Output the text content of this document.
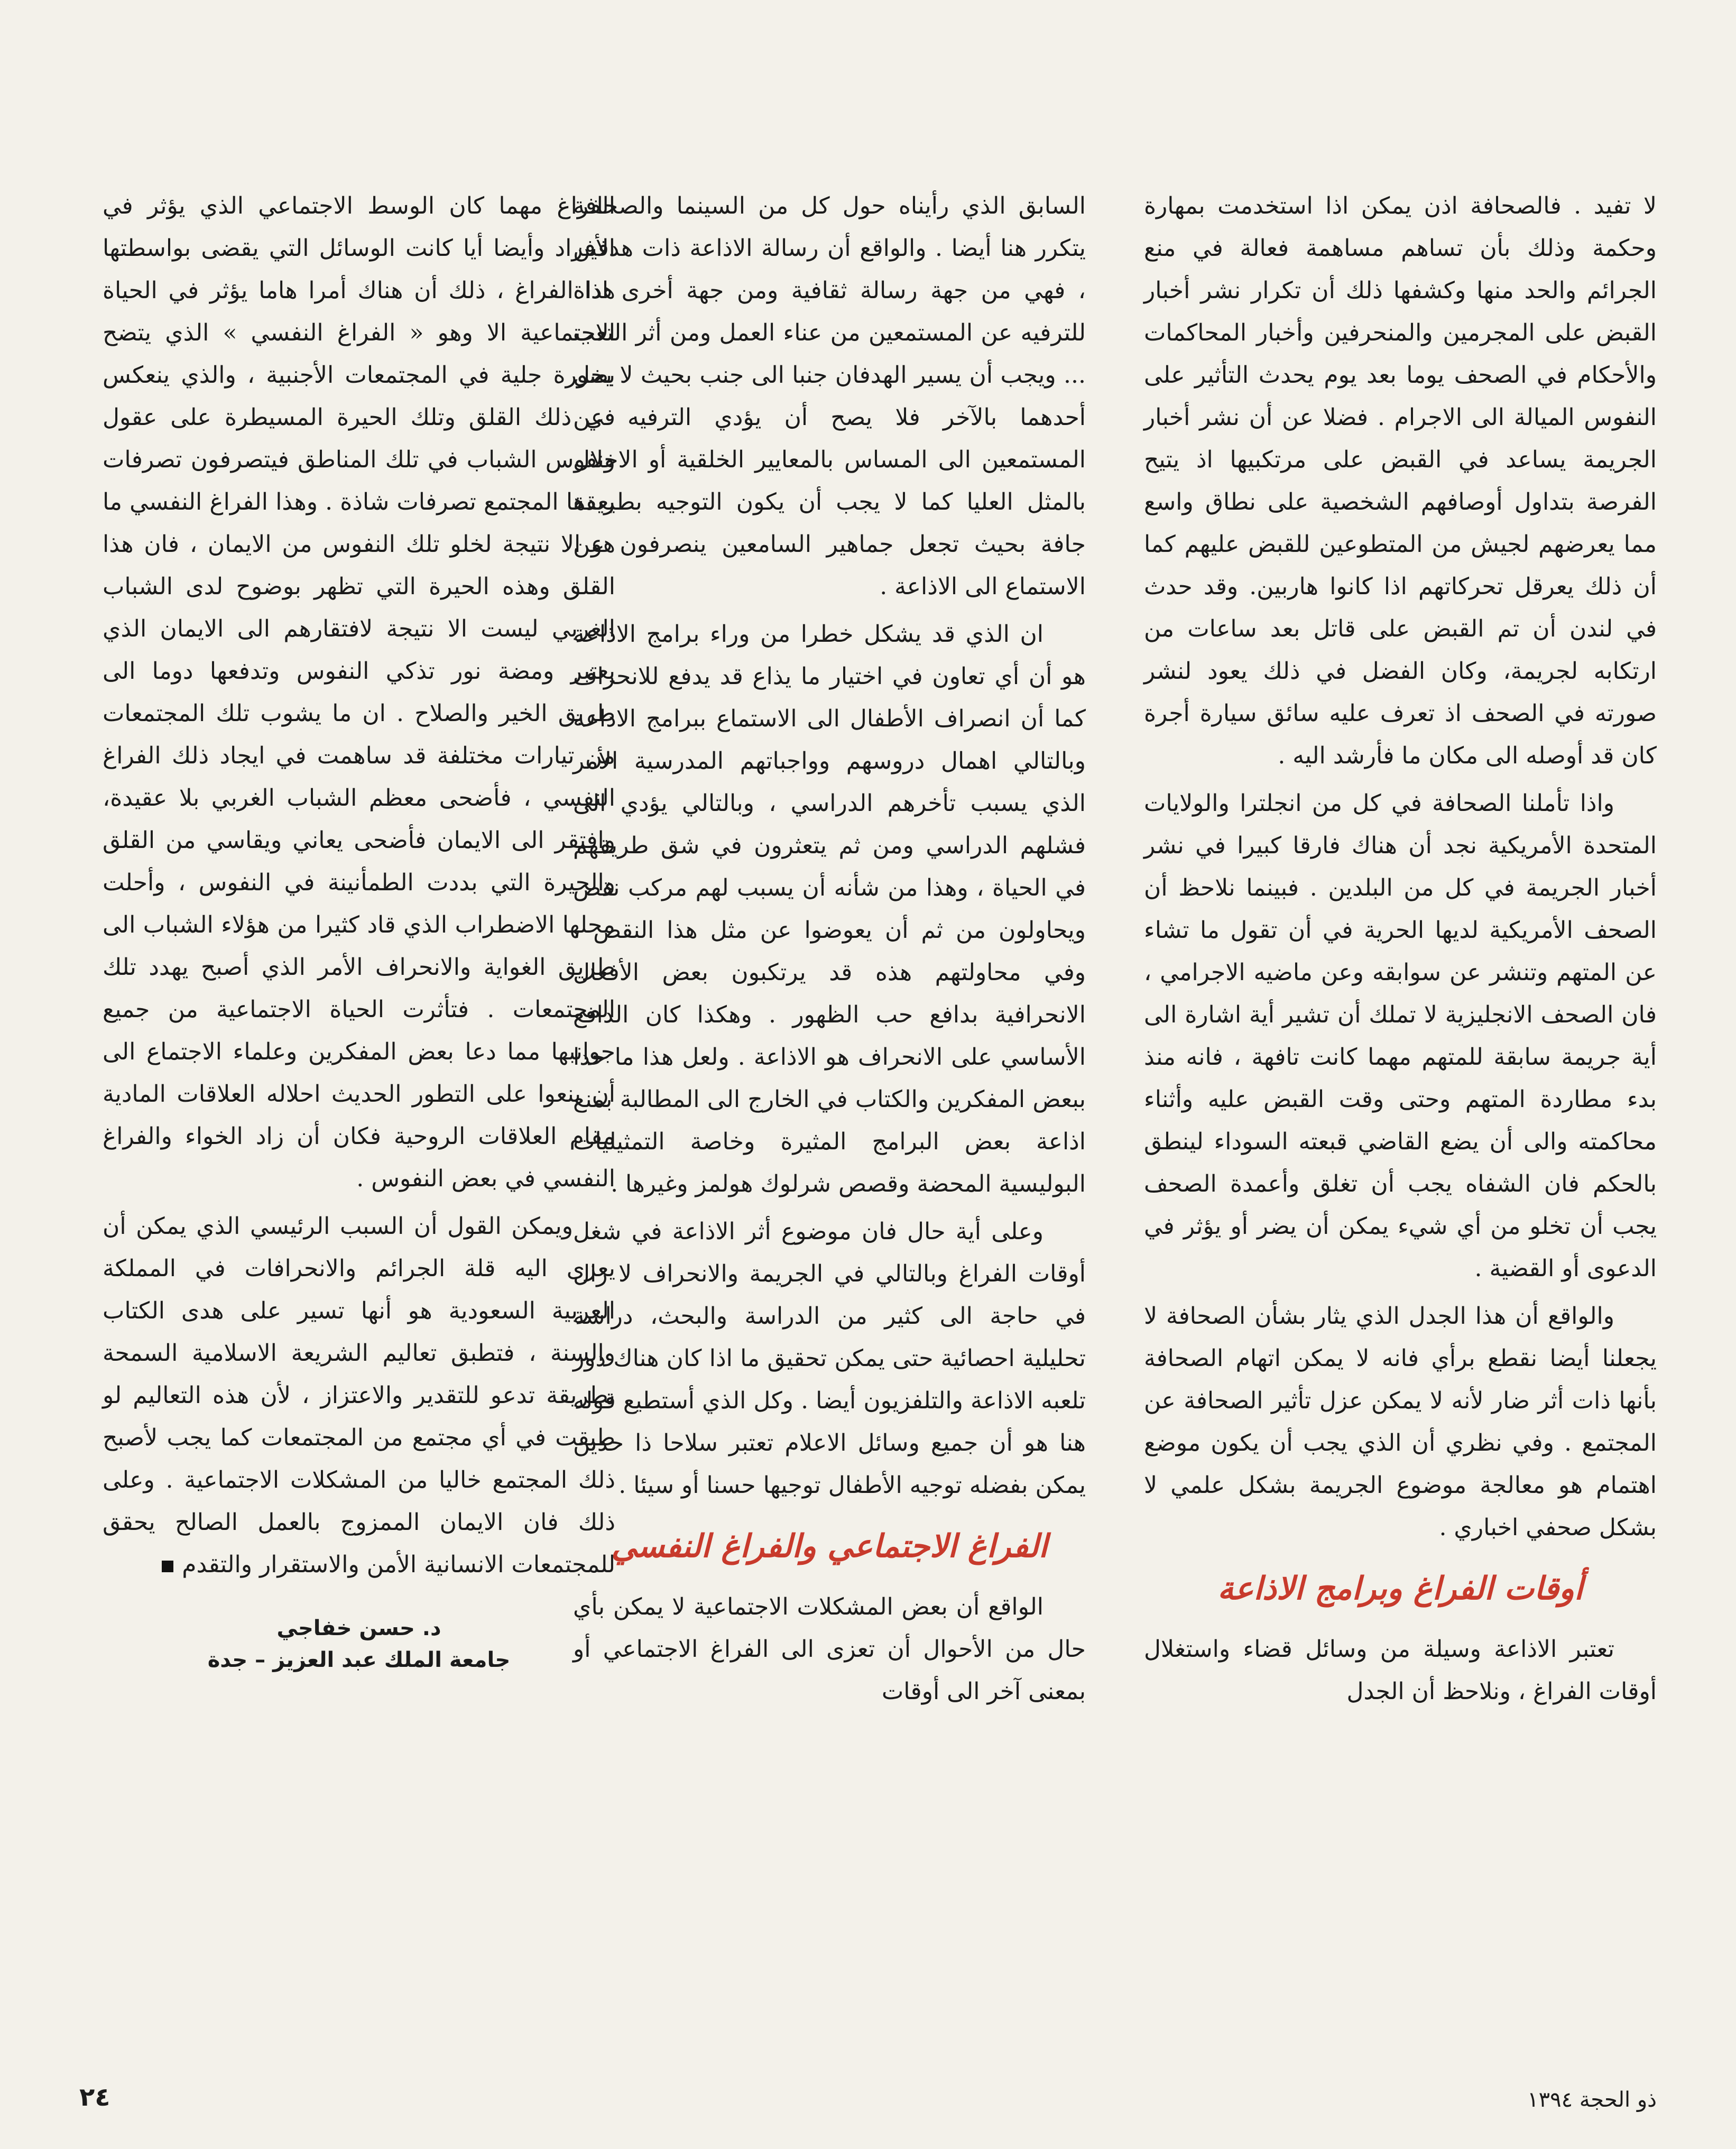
لا تفيد . فالصحافة اذن يمكن اذا استخدمت بمهارة وحكمة وذلك بأن تساهم مساهمة فعالة في منع الجرائم والحد منها وكشفها ذلك أن تكرار نشر أخبار القبض على المجرمين والمنحرفين وأخبار المحاكمات والأحكام في الصحف يوما بعد يوم يحدث التأثير على النفوس الميالة الى الاجرام . فضلا عن أن نشر أخبار الجريمة يساعد في القبض على مرتكبيها اذ يتيح الفرصة بتداول أوصافهم الشخصية على نطاق واسع مما يعرضهم لجيش من المتطوعين للقبض عليهم كما أن ذلك يعرقل تحركاتهم اذا كانوا هاربين. وقد حدث في لندن أن تم القبض على قاتل بعد ساعات من ارتكابه لجريمة، وكان الفضل في ذلك يعود لنشر صورته في الصحف اذ تعرف عليه سائق سيارة أجرة كان قد أوصله الى مكان ما فأرشد اليه .

واذا تأملنا الصحافة في كل من انجلترا والولايات المتحدة الأمريكية نجد أن هناك فارقا كبيرا في نشر أخبار الجريمة في كل من البلدين . فبينما نلاحظ أن الصحف الأمريكية لديها الحرية في أن تقول ما تشاء عن المتهم وتنشر عن سوابقه وعن ماضيه الاجرامي ، فان الصحف الانجليزية لا تملك أن تشير أية اشارة الى أية جريمة سابقة للمتهم مهما كانت تافهة ، فانه منذ بدء مطاردة المتهم وحتى وقت القبض عليه وأثناء محاكمته والى أن يضع القاضي قبعته السوداء لينطق بالحكم فان الشفاه يجب أن تغلق وأعمدة الصحف يجب أن تخلو من أي شيء يمكن أن يضر أو يؤثر في الدعوى أو القضية .

والواقع أن هذا الجدل الذي يثار بشأن الصحافة لا يجعلنا أيضا نقطع برأي فانه لا يمكن اتهام الصحافة بأنها ذات أثر ضار لأنه لا يمكن عزل تأثير الصحافة عن المجتمع . وفي نظري أن الذي يجب أن يكون موضع اهتمام هو معالجة موضوع الجريمة بشكل علمي لا بشكل صحفي اخباري .

أوقات الفراغ وبرامج الاذاعة

تعتبر الاذاعة وسيلة من وسائل قضاء واستغلال أوقات الفراغ ، ونلاحظ أن الجدل

السابق الذي رأيناه حول كل من السينما والصحافة يتكرر هنا أيضا . والواقع أن رسالة الاذاعة ذات هدفين ، فهي من جهة رسالة ثقافية ومن جهة أخرى اداة للترفيه عن المستمعين من عناء العمل ومن أثر التعب ... ويجب أن يسير الهدفان جنبا الى جنب بحيث لا يخل أحدهما بالآخر فلا يصح أن يؤدي الترفيه عن المستمعين الى المساس بالمعايير الخلقية أو الاخلال بالمثل العليا كما لا يجب أن يكون التوجيه بطريقة جافة بحيث تجعل جماهير السامعين ينصرفون عن الاستماع الى الاذاعة .

ان الذي قد يشكل خطرا من وراء برامج الاذاعة هو أن أي تعاون في اختيار ما يذاع قد يدفع للانحراف كما أن انصراف الأطفال الى الاستماع ببرامج الاذاعة وبالتالي اهمال دروسهم وواجباتهم المدرسية الأمر الذي يسبب تأخرهم الدراسي ، وبالتالي يؤدي الى فشلهم الدراسي ومن ثم يتعثرون في شق طريقهم في الحياة ، وهذا من شأنه أن يسبب لهم مركب نقص ويحاولون من ثم أن يعوضوا عن مثل هذا النقص ، وفي محاولتهم هذه قد يرتكبون بعض الأفعال الانحرافية بدافع حب الظهور . وهكذا كان الدافع الأساسي على الانحراف هو الاذاعة . ولعل هذا ما حدا ببعض المفكرين والكتاب في الخارج الى المطالبة بمنع اذاعة بعض البرامج المثيرة وخاصة التمثيليات البوليسية المحضة وقصص شرلوك هولمز وغيرها .

وعلى أية حال فان موضوع أثر الاذاعة في شغل أوقات الفراغ وبالتالي في الجريمة والانحراف لا زال في حاجة الى كثير من الدراسة والبحث، دراسة تحليلية احصائية حتى يمكن تحقيق ما اذا كان هناك دور تلعبه الاذاعة والتلفزيون أيضا . وكل الذي أستطيع قوله هنا هو أن جميع وسائل الاعلام تعتبر سلاحا ذا حدين يمكن بفضله توجيه الأطفال توجيها حسنا أو سيئا .

الفراغ الاجتماعي والفراغ النفسي

الواقع أن بعض المشكلات الاجتماعية لا يمكن بأي حال من الأحوال أن تعزى الى الفراغ الاجتماعي أو بمعنى آخر الى أوقات

الفراغ مهما كان الوسط الاجتماعي الذي يؤثر في الأفراد وأيضا أيا كانت الوسائل التي يقضى بواسطتها هذا الفراغ ، ذلك أن هناك أمرا هاما يؤثر في الحياة الاجتماعية الا وهو « الفراغ النفسي » الذي يتضح بصورة جلية في المجتمعات الأجنبية ، والذي ينعكس في ذلك القلق وتلك الحيرة المسيطرة على عقول ونفوس الشباب في تلك المناطق فيتصرفون تصرفات يعدها المجتمع تصرفات شاذة . وهذا الفراغ النفسي ما هو الا نتيجة لخلو تلك النفوس من الايمان ، فان هذا القلق وهذه الحيرة التي تظهر بوضوح لدى الشباب الغربي ليست الا نتيجة لافتقارهم الى الايمان الذي يعتبر ومضة نور تذكي النفوس وتدفعها دوما الى طريق الخير والصلاح . ان ما يشوب تلك المجتمعات من تيارات مختلفة قد ساهمت في ايجاد ذلك الفراغ النفسي ، فأضحى معظم الشباب الغربي بلا عقيدة، وافتقر الى الايمان فأضحى يعاني ويقاسي من القلق والحيرة التي بددت الطمأنينة في النفوس ، وأحلت محلها الاضطراب الذي قاد كثيرا من هؤلاء الشباب الى طريق الغواية والانحراف الأمر الذي أصبح يهدد تلك المجتمعات . فتأثرت الحياة الاجتماعية من جميع جوانبها مما دعا بعض المفكرين وعلماء الاجتماع الى أن ينعوا على التطور الحديث احلاله العلاقات المادية مقام العلاقات الروحية فكان أن زاد الخواء والفراغ النفسي في بعض النفوس .

ويمكن القول أن السبب الرئيسي الذي يمكن أن يعزى اليه قلة الجرائم والانحرافات في المملكة العربية السعودية هو أنها تسير على هدى الكتاب والسنة ، فتطبق تعاليم الشريعة الاسلامية السمحة بطريقة تدعو للتقدير والاعتزاز ، لأن هذه التعاليم لو طبقت في أي مجتمع من المجتمعات كما يجب لأصبح ذلك المجتمع خاليا من المشكلات الاجتماعية . وعلى ذلك فان الايمان الممزوج بالعمل الصالح يحقق للمجتمعات الانسانية الأمن والاستقرار والتقدم

د. حسن خفاجي
جامعة الملك عبد العزيز – جدة
ذو الحجة ١٣٩٤
٢٤
